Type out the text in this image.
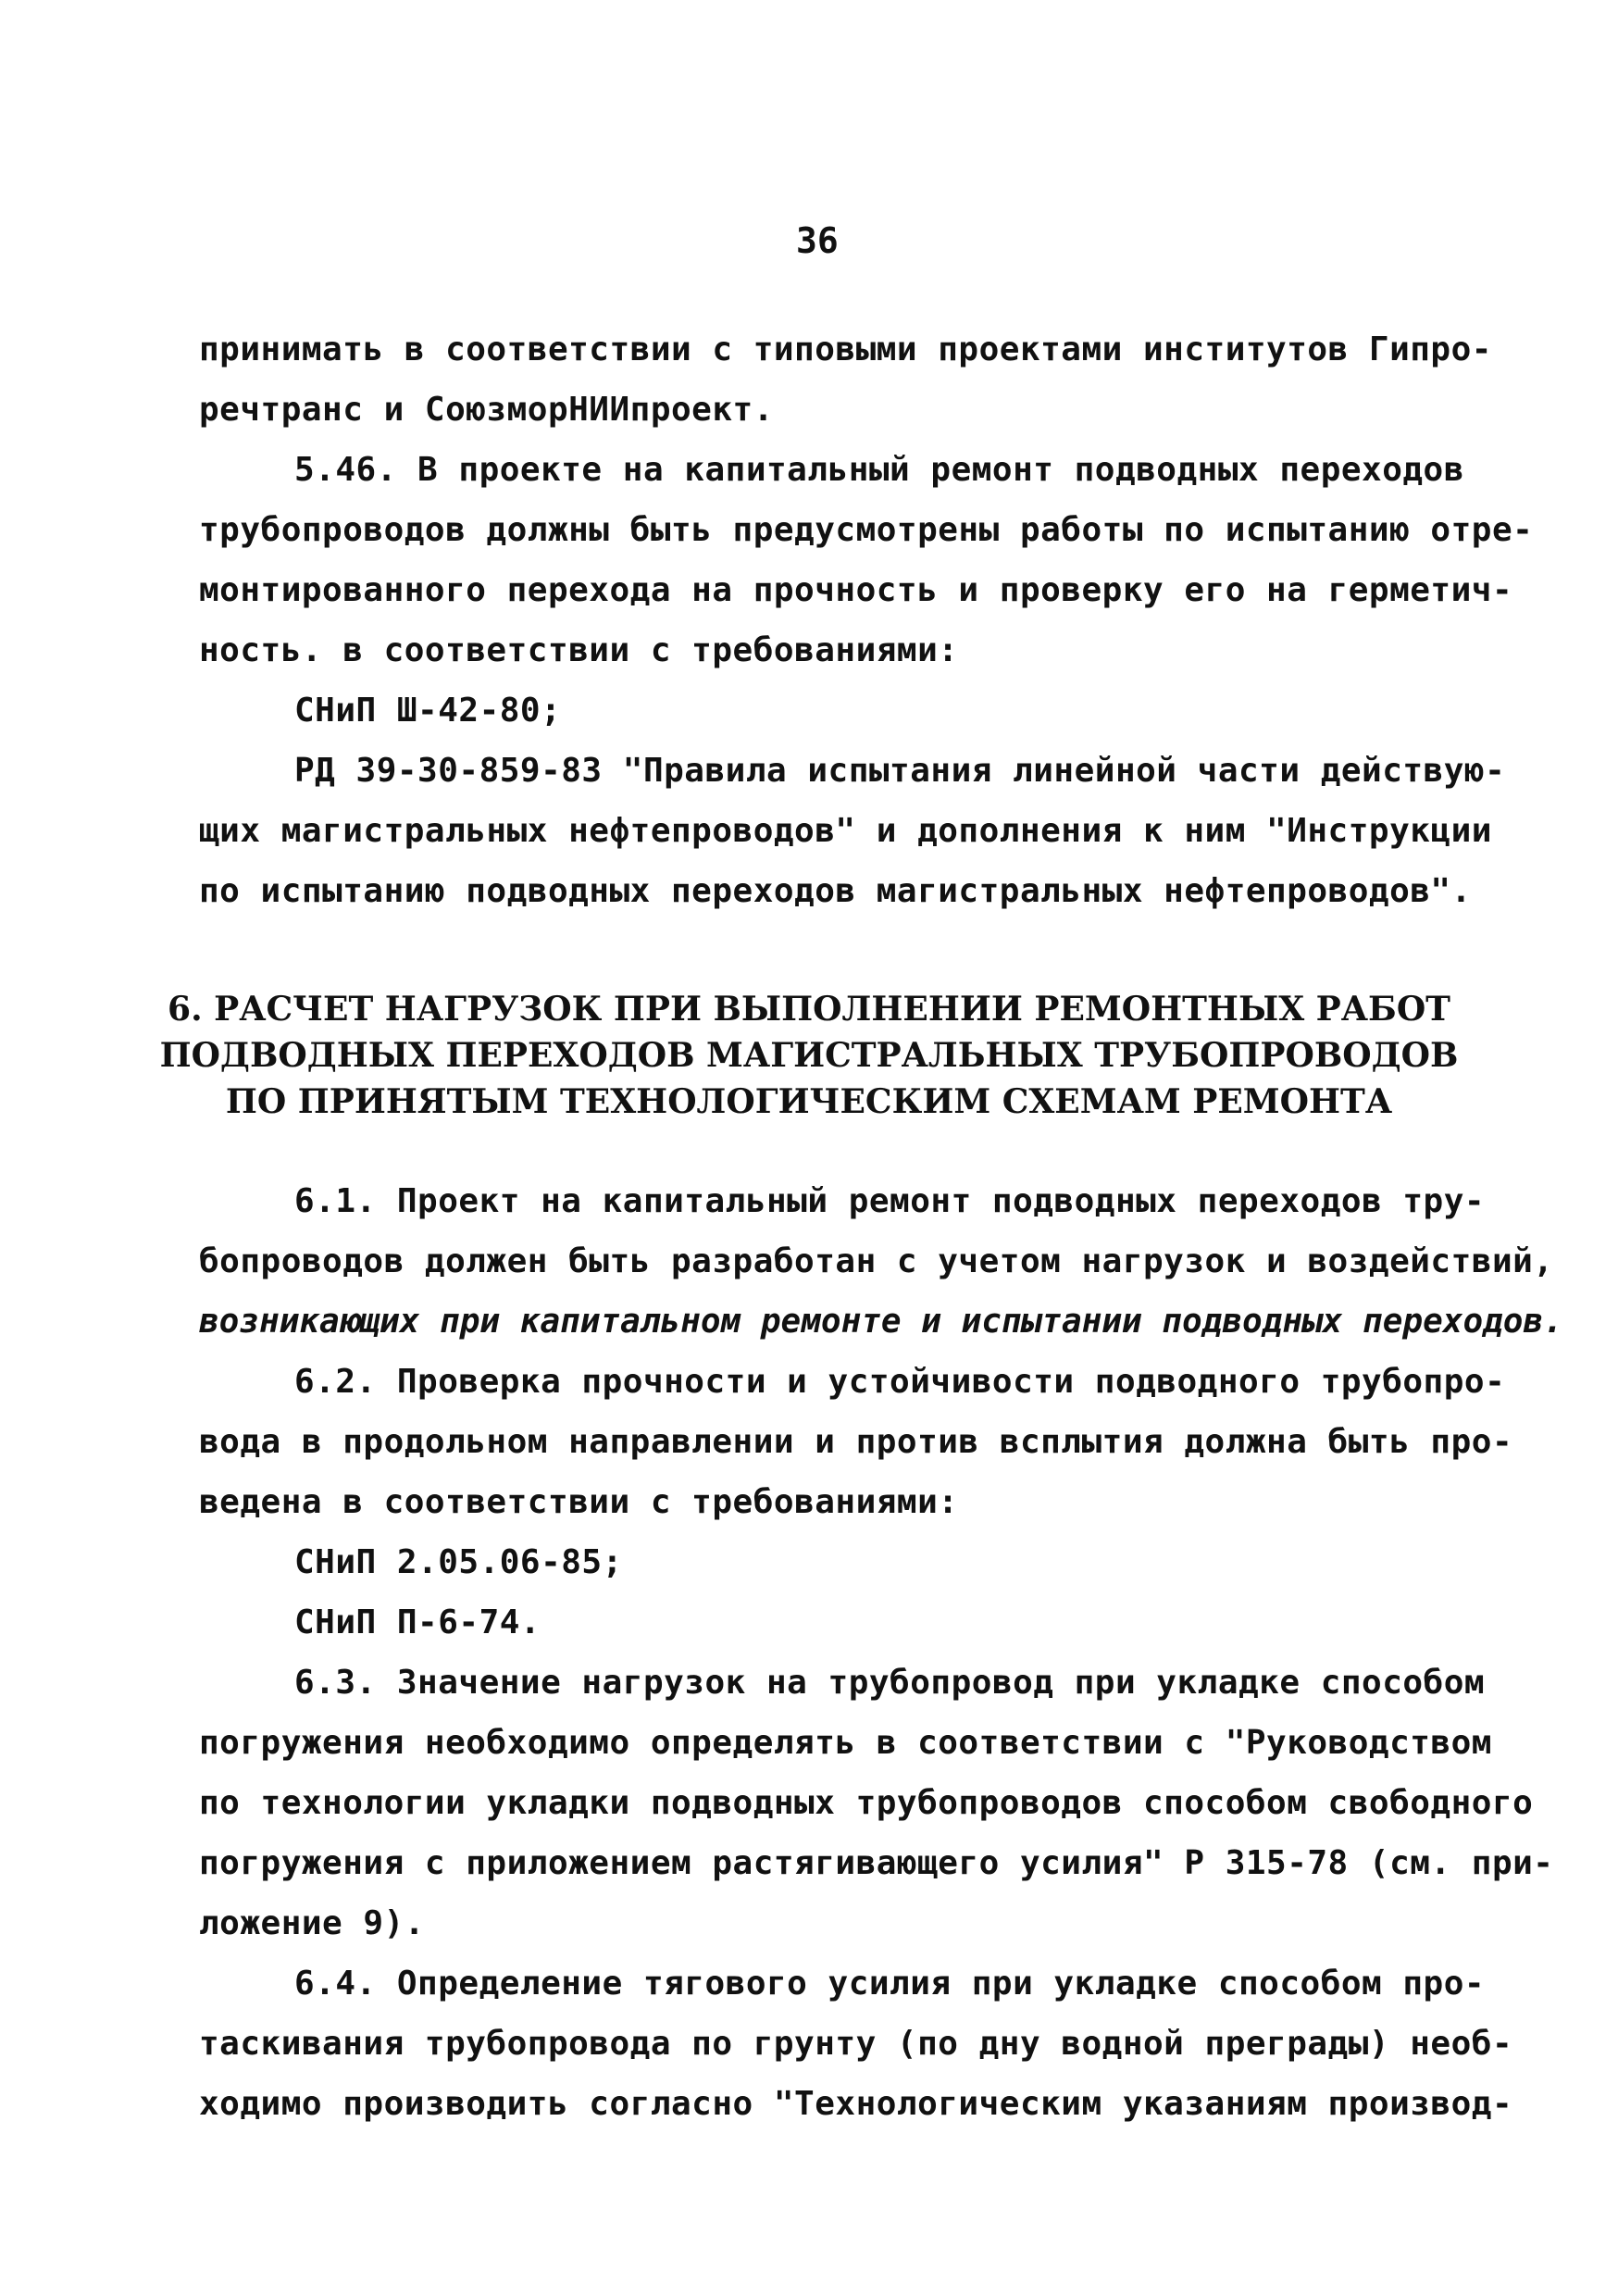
36
принимать в соответствии с типовыми проектами институтов Гипро-
речтранс и СоюзморНИИпроект.
5.46. В проекте на капитальный ремонт подводных переходов
трубопроводов должны быть предусмотрены работы по испытанию отре-
монтированного перехода на прочность и проверку его на герметич-
ность. в соответствии с требованиями:
СНиП Ш-42-80;
РД 39-30-859-83 "Правила испытания линейной части действую-
щих магистральных нефтепроводов" и дополнения к ним "Инструкции
по испытанию подводных переходов магистральных нефтепроводов".
6. РАСЧЕТ НАГРУЗОК ПРИ ВЫПОЛНЕНИИ РЕМОНТНЫХ РАБОТ
ПОДВОДНЫХ ПЕРЕХОДОВ МАГИСТРАЛЬНЫХ ТРУБОПРОВОДОВ
ПО ПРИНЯТЫМ ТЕХНОЛОГИЧЕСКИМ СХЕМАМ РЕМОНТА
6.1. Проект на капитальный ремонт подводных переходов тру-
бопроводов должен быть разработан с учетом нагрузок и воздействий,
возникающих при капитальном ремонте и испытании подводных переходов.
6.2. Проверка прочности и устойчивости подводного трубопро-
вода в продольном направлении и против всплытия должна быть про-
ведена в соответствии с требованиями:
СНиП 2.05.06-85;
СНиП П-6-74.
6.3. Значение нагрузок на трубопровод при укладке способом
погружения необходимо определять в соответствии с "Руководством
по технологии укладки подводных трубопроводов способом свободного
погружения с приложением растягивающего усилия" Р 315-78 (см. при-
ложение 9).
6.4. Определение тягового усилия при укладке способом про-
таскивания трубопровода по грунту (по дну водной преграды) необ-
ходимо производить согласно "Технологическим указаниям производ-
